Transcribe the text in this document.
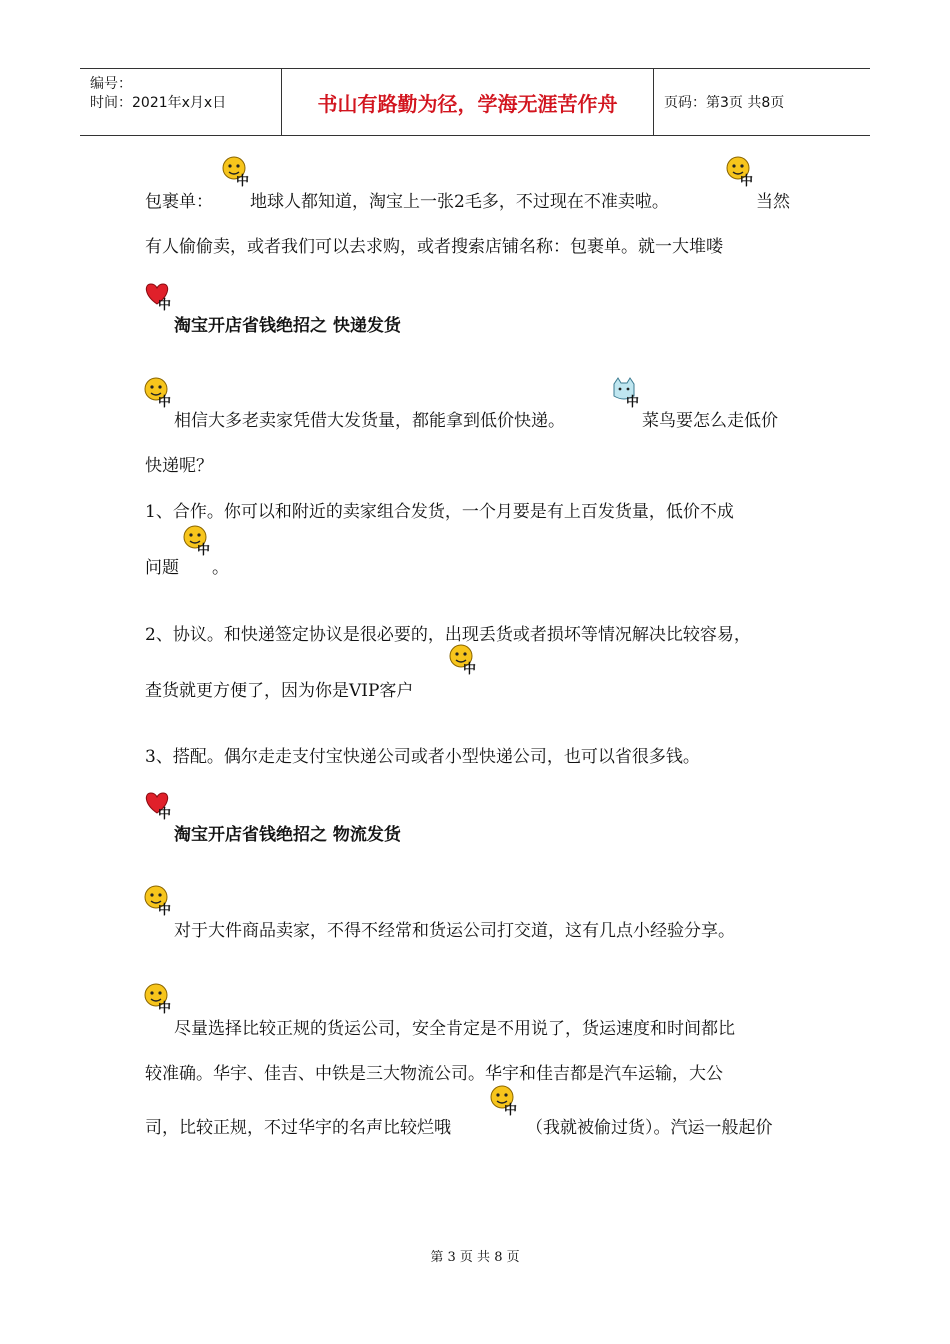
编号：
时间：2021年x月x日	书山有路勤为径，学海无涯苦作舟	页码：第3页 共8页
中	中
中
中	中
中
中
中
中
中
中
包裹单： 地球人都知道，淘宝上一张2毛多，不过现在不准卖啦。	当然
有人偷偷卖，或者我们可以去求购，或者搜索店铺名称：包裹单。就一大堆喽
淘宝开店省钱绝招之 快递发货
相信大多老卖家凭借大发货量，都能拿到低价快递。	菜鸟要怎么走低价
快递呢？
1、合作。你可以和附近的卖家组合发货，一个月要是有上百发货量，低价不成
问题 。
2、协议。和快递签定协议是很必要的，出现丢货或者损坏等情况解决比较容易，
查货就更方便了，因为你是VIP客户
3、搭配。偶尔走走支付宝快递公司或者小型快递公司，也可以省很多钱。
淘宝开店省钱绝招之 物流发货
对于大件商品卖家，不得不经常和货运公司打交道，这有几点小经验分享。
尽量选择比较正规的货运公司，安全肯定是不用说了，货运速度和时间都比
较准确。华宇、佳吉、中铁是三大物流公司。华宇和佳吉都是汽车运输，大公
司，比较正规，不过华宇的名声比较烂哦	（我就被偷过货）。汽运一般起价
第 3 页 共 8 页
